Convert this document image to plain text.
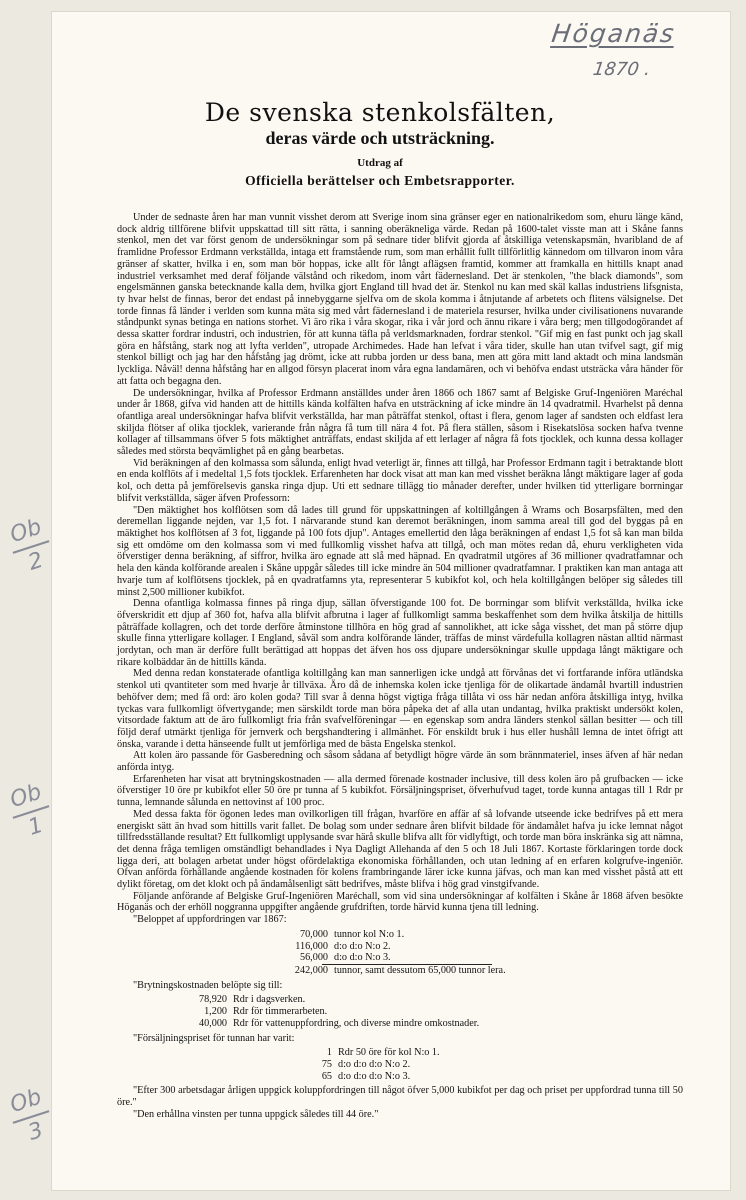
Höganäs
1870 .
Ob
1
Ob
2
Ob
3
De svenska stenkolsfälten,
deras värde och utsträckning.
Utdrag af
Officiella berättelser och Embetsrapporter.

Under de sednaste åren har man vunnit visshet derom att Sverige inom sina gränser eger en nationalrikedom som, ehuru länge känd, dock aldrig tillförene blifvit uppskattad till sitt rätta, i sanning oberäkneliga värde. Redan på 1600-talet visste man att i Skåne fanns stenkol, men det var först genom de undersökningar som på sednare tider blifvit gjorda af åtskilliga vetenskapsmän, hvaribland de af framlidne Professor Erdmann verkställda, intaga ett framstående rum, som man erhållit fullt tillförlitlig kännedom om tillvaron inom våra gränser af skatter, hvilka i en, som man bör hoppas, icke allt för långt aflägsen framtid, kommer att framkalla en hittills knapt anad industriel verksamhet med deraf följande välstånd och rikedom, inom vårt fädernesland. Det är stenkolen, "the black diamonds", som engelsmännen ganska betecknande kalla dem, hvilka gjort England till hvad det är. Stenkol nu kan med skäl kallas industriens lifsgnista, ty hvar helst de finnas, beror det endast på innebyggarne sjelfva om de skola komma i åtnjutande af arbetets och flitens välsignelse. Det torde finnas få länder i verlden som kunna mäta sig med vårt fädernesland i de materiela resurser, hvilka under civilisationens nuvarande ståndpunkt synas betinga en nations storhet. Vi äro rika i våra skogar, rika i vår jord och ännu rikare i våra berg; men tillgodogörandet af dessa skatter fordrar industri, och industrien, för att kunna täfla på verldsmarknaden, fordrar stenkol. "Gif mig en fast punkt och jag skall göra en håfstång, stark nog att lyfta verlden", utropade Archimedes. Hade han lefvat i våra tider, skulle han utan tvifvel sagt, gif mig stenkol billigt och jag har den håfstång jag drömt, icke att rubba jorden ur dess bana, men att göra mitt land aktadt och mina landsmän lyckliga. Nåväl! denna håfstång har en allgod försyn placerat inom våra egna landamären, och vi behöfva endast utsträcka våra händer för att fatta och begagna den.

De undersökningar, hvilka af Professor Erdmann anställdes under åren 1866 och 1867 samt af Belgiske Gruf-Ingeniören Maréchal under år 1868, gifva vid handen att de hittills kända kolfälten hafva en utsträckning af icke mindre än 14 qvadratmil. Hvarhelst på denna ofantliga areal undersökningar hafva blifvit verkställda, har man påträffat stenkol, oftast i flera, genom lager af sandsten och eldfast lera skiljda flötser af olika tjocklek, varierande från några få tum till nära 4 fot. På flera ställen, såsom i Risekatslösa socken hafva tvenne kollager af tillsammans öfver 5 fots mäktighet anträffats, endast skiljda af ett lerlager af några få fots tjocklek, och kunna dessa kollager således med största beqvämlighet på en gång bearbetas.

Vid beräkningen af den kolmassa som sålunda, enligt hvad veterligt är, finnes att tillgå, har Professor Erdmann tagit i betraktande blott en enda kolflöts af i medeltal 1,5 fots tjocklek. Erfarenheten har dock visat att man kan med visshet beräkna långt mäktigare lager af goda kol, och detta på jemförelsevis ganska ringa djup. Uti ett sednare tillägg tio månader derefter, under hvilken tid ytterligare borrningar blifvit verkställda, säger äfven Professorn:

"Den mäktighet hos kolflötsen som då lades till grund för uppskattningen af koltillgången å Wrams och Bosarpsfälten, med den deremellan liggande nejden, var 1,5 fot. I närvarande stund kan deremot beräkningen, inom samma areal till god del byggas på en mäktighet hos kolflötsen af 3 fot, liggande på 100 fots djup". Antages emellertid den låga beräkningen af endast 1,5 fot så kan man bilda sig ett omdöme om den kolmassa som vi med fullkomlig visshet hafva att tillgå, och man mötes redan då, ehuru verkligheten vida öfverstiger denna beräkning, af siffror, hvilka äro egnade att slå med häpnad. En qvadratmil utgöres af 36 millioner qvadratfamnar och hela den kända kolförande arealen i Skåne uppgår således till icke mindre än 504 millioner qvadratfamnar. I praktiken kan man antaga att hvarje tum af kolflötsens tjocklek, på en qvadratfamns yta, representerar 5 kubikfot kol, och hela koltillgången belöper sig således till minst 2,500 millioner kubikfot.

Denna ofantliga kolmassa finnes på ringa djup, sällan öfverstigande 100 fot. De borrningar som blifvit verkställda, hvilka icke öfverskridit ett djup af 360 fot, hafva alla blifvit afbrutna i lager af fullkomligt samma beskaffenhet som dem hvilka åtskilja de hittills påträffade kollagren, och det torde derföre åtminstone tillhöra en hög grad af sannolikhet, att icke såga visshet, det man på större djup skulle finna ytterligare kollager. I England, såväl som andra kolförande länder, träffas de minst värdefulla kollagren nästan alltid närmast jordytan, och man är derföre fullt berättigad att hoppas det äfven hos oss djupare undersökningar skulle uppdaga långt mäktigare och rikare kolbäddar än de hittills kända.

Med denna redan konstaterade ofantliga koltillgång kan man sannerligen icke undgå att förvånas det vi fortfarande införa utländska stenkol uti qvantiteter som med hvarje år tillväxa. Äro då de inhemska kolen icke tjenliga för de olikartade ändamål hvartill industrien behöfver dem; med få ord: äro kolen goda? Till svar å denna högst vigtiga fråga tillåta vi oss här nedan anföra åtskilliga intyg, hvilka tyckas vara fullkomligt öfvertygande; men särskildt torde man böra påpeka det af alla utan undantag, hvilka praktiskt undersökt kolen, vitsordade faktum att de äro fullkomligt fria från svafvelföreningar — en egenskap som andra länders stenkol sällan besitter — och till följd deraf utmärkt tjenliga för jernverk och bergshandtering i allmänhet. För enskildt bruk i hus eller hushåll lemna de intet öfrigt att önska, varande i detta hänseende fullt ut jemförliga med de bästa Engelska stenkol.

Att kolen äro passande för Gasberedning och såsom sådana af betydligt högre värde än som brännmateriel, inses äfven af här nedan anförda intyg.

Erfarenheten har visat att brytningskostnaden — alla dermed förenade kostnader inclusive, till dess kolen äro på grufbacken — icke öfverstiger 10 öre pr kubikfot eller 50 öre pr tunna af 5 kubikfot. Försäljningspriset, öfverhufvud taget, torde kunna antagas till 1 Rdr pr tunna, lemnande sålunda en nettovinst af 100 proc.

Med dessa fakta för ögonen ledes man ovilkorligen till frågan, hvarföre en affär af så lofvande utseende icke bedrifves på ett mera energiskt sätt än hvad som hittills varit fallet. De bolag som under sednare åren blifvit bildade för ändamålet hafva ju icke lemnat något tillfredsställande resultat? Ett fullkomligt upplysande svar härå skulle blifva allt för vidlyftigt, och torde man böra inskränka sig att nämna, det denna fråga temligen omständligt behandlades i Nya Dagligt Allehanda af den 5 och 18 Juli 1867. Kortaste förklaringen torde dock ligga deri, att bolagen arbetat under högst ofördelaktiga ekonomiska förhållanden, och utan ledning af en erfaren kolgrufve-ingeniör. Ofvan anförda förhållande angående kostnaden för kolens frambringande lärer icke kunna jäfvas, och man kan med visshet påstå att ett dylikt företag, om det klokt och på ändamålsenligt sätt bedrifves, måste blifva i hög grad vinstgifvande.

Följande anförande af Belgiske Gruf-Ingeniören Maréchall, som vid sina undersökningar af kolfälten i Skåne år 1868 äfven besökte Höganäs och der erhöll noggranna uppgifter angående grufdriften, torde härvid kunna tjena till ledning.

"Beloppet af uppfordringen var 1867:

70,000 tunnor kol N:o 1.
116,000 d:o d:o N:o 2.
56,000 d:o d:o N:o 3.
242,000 tunnor, samt dessutom 65,000 tunnor lera.

"Brytningskostnaden belöpte sig till:

78,920 Rdr i dagsverken.
1,200 Rdr för timmerarbeten.
40,000 Rdr för vattenuppfordring, och diverse mindre omkostnader.

"Försäljningspriset för tunnan har varit:

1 Rdr 50 öre för kol N:o 1.
75 d:o d:o d:o N:o 2.
65 d:o d:o d:o N:o 3.

"Efter 300 arbetsdagar årligen uppgick koluppfordringen till något öfver 5,000 kubikfot per dag och priset per uppfordrad tunna till 50 öre."

"Den erhållna vinsten per tunna uppgick således till 44 öre."
